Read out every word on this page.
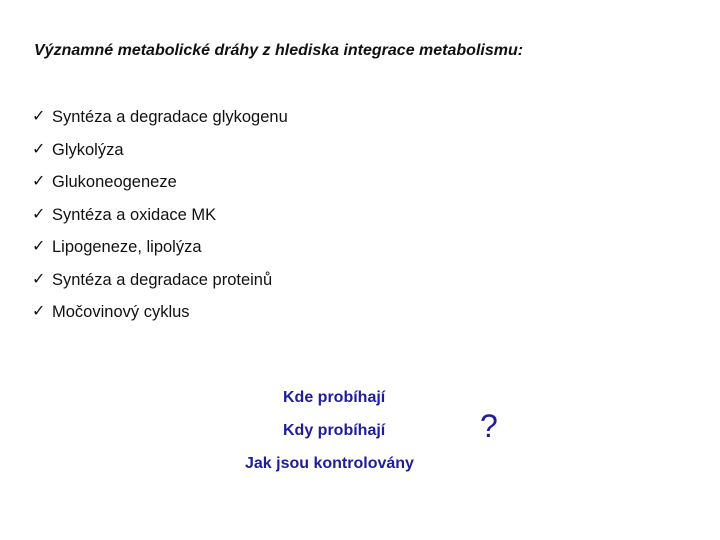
Významné metabolické dráhy z hlediska integrace metabolismu:
✓ Syntéza a degradace glykogenu
✓ Glykolýza
✓ Glukoneogeneze
✓ Syntéza a oxidace MK
✓ Lipogeneze, lipolýza
✓ Syntéza a degradace proteinů
✓ Močovinový cyklus
Kde probíhají
Kdy probíhají
Jak jsou kontrolovány
?
